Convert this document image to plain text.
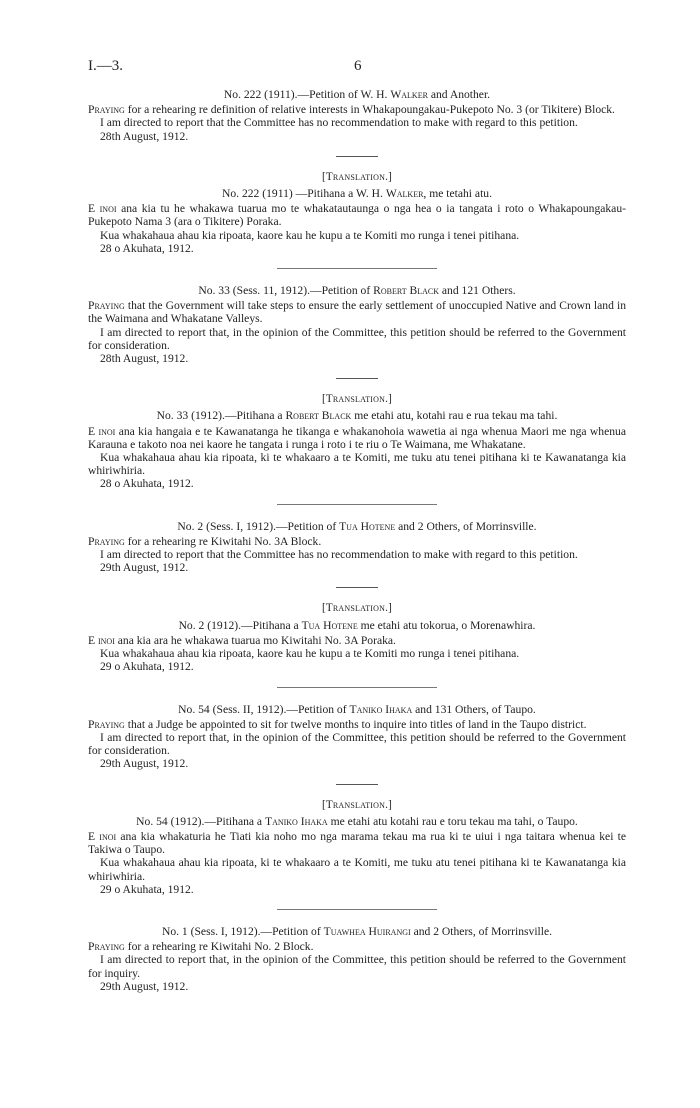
I.—3.	6

No. 222 (1911).—Petition of W. H. Walker and Another.

Praying for a rehearing re definition of relative interests in Whakapoungakau-Pukepoto No. 3 (or Tikitere) Block.

I am directed to report that the Committee has no recommendation to make with regard to this petition.

28th August, 1912.

[Translation.]

No. 222 (1911) —Pitihana a W. H. Walker, me tetahi atu.

E inoi ana kia tu he whakawa tuarua mo te whakatautaunga o nga hea o ia tangata i roto o Whakapoungakau-Pukepoto Nama 3 (ara o Tikitere) Poraka.

Kua whakahaua ahau kia ripoata, kaore kau he kupu a te Komiti mo runga i tenei pitihana.

28 o Akuhata, 1912.

No. 33 (Sess. 11, 1912).—Petition of Robert Black and 121 Others.

Praying that the Government will take steps to ensure the early settlement of unoccupied Native and Crown land in the Waimana and Whakatane Valleys.

I am directed to report that, in the opinion of the Committee, this petition should be referred to the Government for consideration.

28th August, 1912.

[Translation.]

No. 33 (1912).—Pitihana a Robert Black me etahi atu, kotahi rau e rua tekau ma tahi.

E inoi ana kia hangaia e te Kawanatanga he tikanga e whakanohoia wawetia ai nga whenua Maori me nga whenua Karauna e takoto noa nei kaore he tangata i runga i roto i te riu o Te Waimana, me Whakatane.

Kua whakahaua ahau kia ripoata, ki te whakaaro a te Komiti, me tuku atu tenei pitihana ki te Kawanatanga kia whiriwhiria.

28 o Akuhata, 1912.

No. 2 (Sess. I, 1912).—Petition of Tua Hotene and 2 Others, of Morrinsville.

Praying for a rehearing re Kiwitahi No. 3A Block.

I am directed to report that the Committee has no recommendation to make with regard to this petition.

29th August, 1912.

[Translation.]

No. 2 (1912).—Pitihana a Tua Hotene me etahi atu tokorua, o Morenawhira.

E inoi ana kia ara he whakawa tuarua mo Kiwitahi No. 3A Poraka.

Kua whakahaua ahau kia ripoata, kaore kau he kupu a te Komiti mo runga i tenei pitihana.

29 o Akuhata, 1912.

No. 54 (Sess. II, 1912).—Petition of Taniko Ihaka and 131 Others, of Taupo.

Praying that a Judge be appointed to sit for twelve months to inquire into titles of land in the Taupo district.

I am directed to report that, in the opinion of the Committee, this petition should be referred to the Government for consideration.

29th August, 1912.

[Translation.]

No. 54 (1912).—Pitihana a Taniko Ihaka me etahi atu kotahi rau e toru tekau ma tahi, o Taupo.

E inoi ana kia whakaturia he Tiati kia noho mo nga marama tekau ma rua ki te uiui i nga taitara whenua kei te Takiwa o Taupo.

Kua whakahaua ahau kia ripoata, ki te whakaaro a te Komiti, me tuku atu tenei pitihana ki te Kawanatanga kia whiriwhiria.

29 o Akuhata, 1912.

No. 1 (Sess. I, 1912).—Petition of Tuawhea Huirangi and 2 Others, of Morrinsville.

Praying for a rehearing re Kiwitahi No. 2 Block.

I am directed to report that, in the opinion of the Committee, this petition should be referred to the Government for inquiry.

29th August, 1912.
